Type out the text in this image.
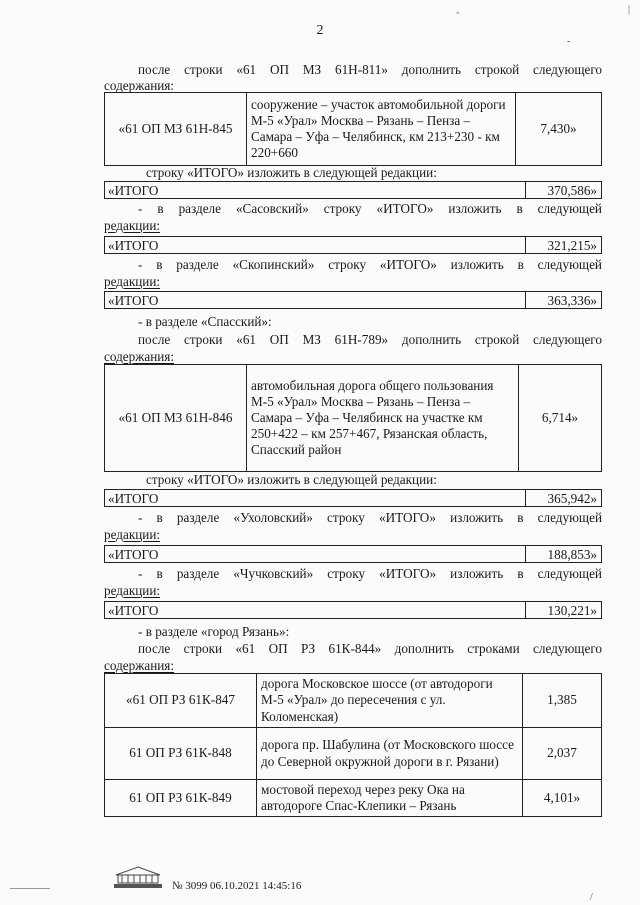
2
◦
-
|
после строки «61 ОП МЗ 61Н-811» дополнить строкой следующего
содержания:
«61 ОП МЗ 61Н-845	сооружение – участок автомобильной дороги М-5 «Урал» Москва – Рязань – Пенза – Самара – Уфа – Челябинск, км 213+230 - км 220+660	7,430»
строку «ИТОГО» изложить в следующей редакции:
«ИТОГО	370,586»
- в разделе «Сасовский» строку «ИТОГО» изложить в следующей
редакции:
«ИТОГО	321,215»
- в разделе «Скопинский» строку «ИТОГО» изложить в следующей
редакции:
«ИТОГО	363,336»
- в разделе «Спасский»:
после строки «61 ОП МЗ 61Н-789» дополнить строкой следующего
содержания:
«61 ОП МЗ 61Н-846	автомобильная дорога общего пользования М-5 «Урал» Москва – Рязань – Пенза – Самара – Уфа – Челябинск на участке км 250+422 – км 257+467, Рязанская область, Спасский район	6,714»
строку «ИТОГО» изложить в следующей редакции:
«ИТОГО	365,942»
- в разделе «Ухоловский» строку «ИТОГО» изложить в следующей
редакции:
«ИТОГО	188,853»
- в разделе «Чучковский» строку «ИТОГО» изложить в следующей
редакции:
«ИТОГО	130,221»
- в разделе «город Рязань»:
после строки «61 ОП РЗ 61К-844» дополнить строками следующего
содержания:
«61 ОП РЗ 61К-847	дорога Московское шоссе (от автодороги М-5 «Урал» до пересечения с ул. Коломенская)	1,385
61 ОП РЗ 61К-848	дорога пр. Шабулина (от Московского шоссе до Северной окружной дороги в г. Рязани)	2,037
61 ОП РЗ 61К-849	мостовой переход через реку Ока на автодороге Спас-Клепики – Рязань	4,101»
№ 3099 06.10.2021 14:45:16
/
